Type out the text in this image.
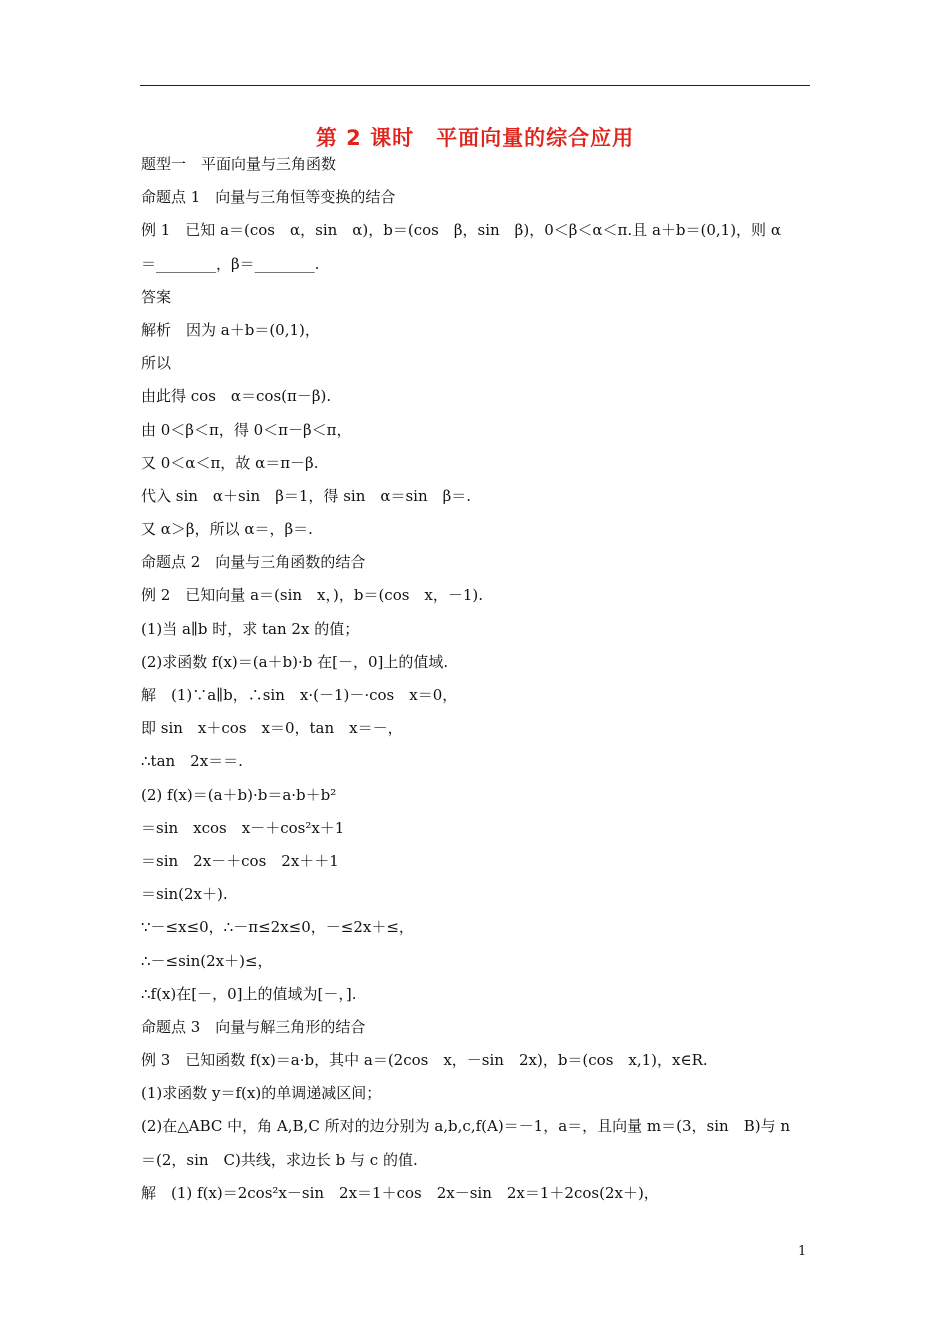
第 2 课时　平面向量的综合应用
题型一　平面向量与三角函数
命题点 1　向量与三角恒等变换的结合
例 1　已知 a＝(cos　α，sin　α)，b＝(cos　β，sin　β)，0＜β＜α＜π.且 a＋b＝(0,1)，则 α
＝________，β＝________.
答案
解析　因为 a＋b＝(0,1)，
所以
由此得 cos　α＝cos(π－β).
由 0＜β＜π，得 0＜π－β＜π，
又 0＜α＜π，故 α＝π－β.
代入 sin　α＋sin　β＝1，得 sin　α＝sin　β＝.
又 α＞β，所以 α＝，β＝.
命题点 2　向量与三角函数的结合
例 2　已知向量 a＝(sin　x，)，b＝(cos　x，－1).
(1)当 a∥b 时，求 tan 2x 的值；
(2)求函数 f(x)＝(a＋b)·b 在[－，0]上的值域.
解　(1)∵a∥b，∴sin　x·(－1)－·cos　x＝0，
即 sin　x＋cos　x＝0，tan　x＝－，
∴tan　2x＝＝.
(2) f(x)＝(a＋b)·b＝a·b＋b²
＝sin　xcos　x－＋cos²x＋1
＝sin　2x－＋cos　2x＋＋1
＝sin(2x＋).
∵－≤x≤0，∴－π≤2x≤0，－≤2x＋≤，
∴－≤sin(2x＋)≤，
∴f(x)在[－，0]上的值域为[－，].
命题点 3　向量与解三角形的结合
例 3　已知函数 f(x)＝a·b，其中 a＝(2cos　x，－sin　2x)，b＝(cos　x,1)，x∈R.
(1)求函数 y＝f(x)的单调递减区间；
(2)在△ABC 中，角 A,B,C 所对的边分别为 a,b,c,f(A)＝－1，a＝，且向量 m＝(3，sin　B)与 n
＝(2，sin　C)共线，求边长 b 与 c 的值.
解　(1) f(x)＝2cos²x－sin　2x＝1＋cos　2x－sin　2x＝1＋2cos(2x＋)，
1
